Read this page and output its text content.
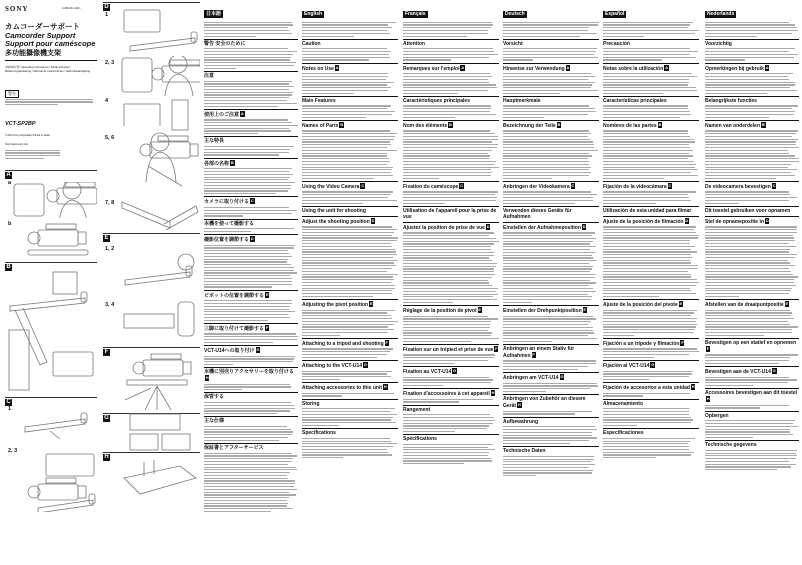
SONY	4-456-011-11(1)
カムコーダーサポート
Camcorder Support
Support pour caméscope
多功能攝像機支架
取扱説明書 / Operating Instructions / Mode d'emploi / Bedienungsanleitung / Manual de instrucciones / Gebruiksaanwijzing
警告
VCT-SP2BP
© 2013 Sony Corporation Printed in Japan
http://www.sony.net/
A
a
b
B
C
1
2, 3
D
1
2, 3
4
5, 6
7, 8
E
1, 2
3, 4
F
G
H
日本語
警告 安全のために
注意
使用上のご注意 A
主な特長
各部の名称 B
カメラに取り付ける C
本機を使って撮影する
撮影位置を調節する D
ピボットの位置を調節する E
三脚に取り付けて撮影する F
VCT-U14への取り付け G
本機に別売りアクセサリーを取り付けるH
保管する
主な仕様
保証書とアフターサービス
English
Caution
Notes on Use A
Main Features
Names of Parts B
Using the Video Camera C
Using the unit for shooting
Adjust the shooting position D
Adjusting the pivot position E
Attaching to a tripod and shooting F
Attaching to the VCT-U14 G
Attaching accessories to this unit H
Storing
Specifications
Français
Attention
Remarques sur l'emploi A
Caractéristiques principales
Nom des éléments B
Fixation du caméscope C
Utilisation de l'appareil pour la prise de vue
Ajustez la position de prise de vue D
Réglage de la position de pivot E
Fixation sur un trépied et prise de vue F
Fixation au VCT-U14 G
Fixation d'accessoires à cet appareil H
Rangement
Spécifications
Deutsch
Vorsicht
Hinweise zur Verwendung A
Hauptmerkmale
Bezeichnung der Teile B
Anbringen der Videokamera C
Verwenden dieses Geräts für Aufnahmen
Einstellen der Aufnahmeposition D
Einstellen der Drehpunktposition E
Anbringen an einem Stativ für Aufnahmen F
Anbringen am VCT-U14 G
Anbringen von Zubehör an diesem Gerät H
Aufbewahrung
Technische Daten
Español
Precaución
Notas sobre la utilización A
Características principales
Nombres de las partes B
Fijación de la videocámara C
Utilización de esta unidad para filmar
Ajuste de la posición de filmación D
Ajuste de la posición del pivote E
Fijación a un trípode y filmación F
Fijación al VCT-U14 G
Fijación de accesorios a esta unidad H
Almacenamiento
Especificaciones
Nederlands
Voorzichtig
Opmerkingen bij gebruik A
Belangrijkste functies
Namen van onderdelen B
De videocamera bevestigen C
Dit toestel gebruiken voor opnamen
Stel de opnamepositie in D
Afstellen van de draaipuntpositie E
Bevestigen op een statief en opnemenF
Bevestigen aan de VCT-U14 G
Accessoires bevestigen aan dit toestelH
Opbergen
Technische gegevens
